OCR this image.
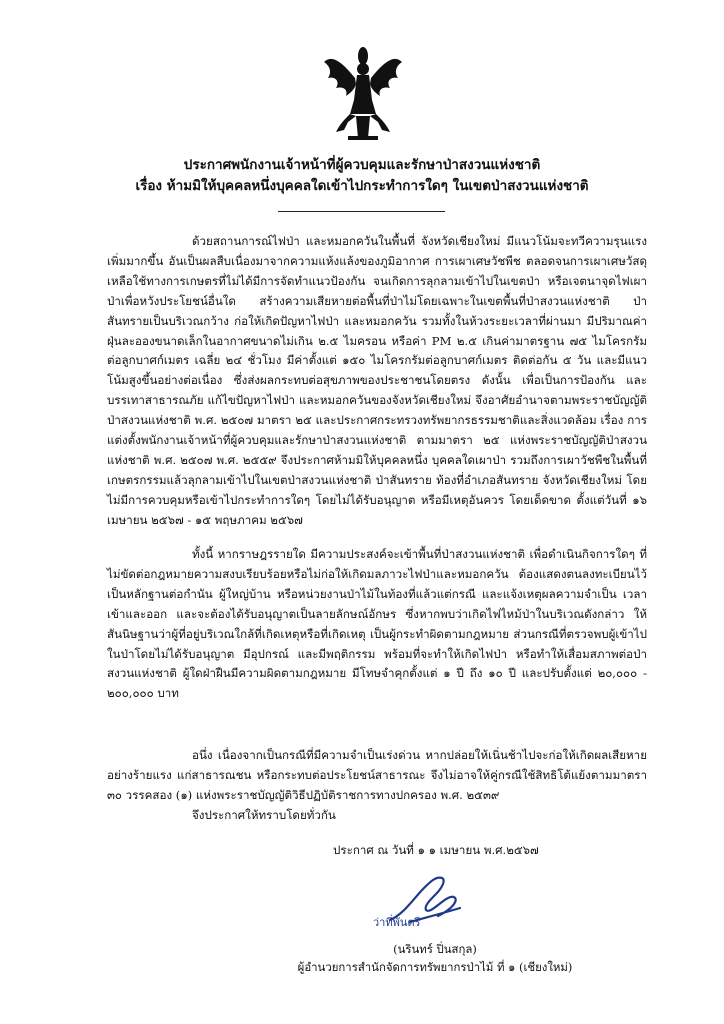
ประกาศพนักงานเจ้าหน้าที่ผู้ควบคุมและรักษาป่าสงวนแห่งชาติ
เรื่อง ห้ามมิให้บุคคลหนึ่งบุคคลใดเข้าไปกระทำการใดๆ ในเขตป่าสงวนแห่งชาติ
ด้วยสถานการณ์ไฟป่า และหมอกควันในพื้นที่ จังหวัดเชียงใหม่ มีแนวโน้มจะทวีความรุนแรงเพิ่มมากขึ้น อันเป็นผลสืบเนื่องมาจากความแห้งแล้งของภูมิอากาศ การเผาเศษวัชพืช ตลอดจนการเผาเศษวัสดุเหลือใช้ทางการเกษตรที่ไม่ได้มีการจัดทำแนวป้องกัน จนเกิดการลุกลามเข้าไปในเขตป่า หรือเจตนาจุดไฟเผาป่าเพื่อหวังประโยชน์อื่นใด สร้างความเสียหายต่อพื้นที่ป่าไม่โดยเฉพาะในเขตพื้นที่ป่าสงวนแห่งชาติ ป่าสันทรายเป็นบริเวณกว้าง ก่อให้เกิดปัญหาไฟป่า และหมอกควัน รวมทั้งในห้วงระยะเวลาที่ผ่านมา มีปริมาณค่าฝุ่นละอองขนาดเล็กในอากาศขนาดไม่เกิน ๒.๕ ไมครอน หรือค่า PM ๒.๕ เกินค่ามาตรฐาน ๗๕ ไมโครกรัมต่อลูกบาศก์เมตร เฉลี่ย ๒๔ ชั่วโมง มีค่าตั้งแต่ ๑๕๐ ไมโครกรัมต่อลูกบาศก์เมตร ติดต่อกัน ๕ วัน และมีแนวโน้มสูงขึ้นอย่างต่อเนื่อง ซึ่งส่งผลกระทบต่อสุขภาพของประชาชนโดยตรง ดังนั้น เพื่อเป็นการป้องกัน และบรรเทาสาธารณภัย แก้ไขปัญหาไฟป่า และหมอกควันของจังหวัดเชียงใหม่ จึงอาศัยอำนาจตามพระราชบัญญัติป่าสงวนแห่งชาติ พ.ศ. ๒๕๐๗ มาตรา ๒๕ และประกาศกระทรวงทรัพยากรธรรมชาติและสิ่งแวดล้อม เรื่อง การแต่งตั้งพนักงานเจ้าหน้าที่ผู้ควบคุมและรักษาป่าสงวนแห่งชาติ ตามมาตรา ๒๕ แห่งพระราชบัญญัติป่าสงวนแห่งชาติ พ.ศ. ๒๕๐๗ พ.ศ. ๒๕๕๙ จึงประกาศห้ามมิให้บุคคลหนึ่ง บุคคลใดเผาป่า รวมถึงการเผาวัชพืชในพื้นที่เกษตรกรรมแล้วลุกลามเข้าไปในเขตป่าสงวนแห่งชาติ ป่าสันทราย ท้องที่อำเภอสันทราย จังหวัดเชียงใหม่ โดยไม่มีการควบคุมหรือเข้าไปกระทำการใดๆ โดยไม่ได้รับอนุญาต หรือมีเหตุอันควร โดยเด็ดขาด ตั้งแต่วันที่ ๑๖ เมษายน ๒๕๖๗ - ๑๕ พฤษภาคม ๒๕๖๗
ทั้งนี้ หากราษฎรรายใด มีความประสงค์จะเข้าพื้นที่ป่าสงวนแห่งชาติ เพื่อดำเนินกิจการใดๆ ที่ไม่ขัดต่อกฎหมายความสงบเรียบร้อยหรือไม่ก่อให้เกิดมลภาวะไฟป่าและหมอกควัน ต้องแสดงตนลงทะเบียนไว้เป็นหลักฐานต่อกำนัน ผู้ใหญ่บ้าน หรือหน่วยงานป่าไม้ในท้องที่แล้วแต่กรณี และแจ้งเหตุผลความจำเป็น เวลาเข้าและออก และจะต้องได้รับอนุญาตเป็นลายลักษณ์อักษร ซึ่งหากพบว่าเกิดไฟไหม้ป่าในบริเวณดังกล่าว ให้สันนิษฐานว่าผู้ที่อยู่บริเวณใกล้ที่เกิดเหตุหรือที่เกิดเหตุ เป็นผู้กระทำผิดตามกฎหมาย ส่วนกรณีที่ตรวจพบผู้เข้าไปในป่าโดยไม่ได้รับอนุญาต มีอุปกรณ์ และมีพฤติกรรม พร้อมที่จะทำให้เกิดไฟป่า หรือทำให้เสื่อมสภาพต่อป่าสงวนแห่งชาติ ผู้ใดฝ่าฝืนมีความผิดตามกฎหมาย มีโทษจำคุกตั้งแต่ ๑ ปี ถึง ๑๐ ปี และปรับตั้งแต่ ๒๐,๐๐๐ - ๒๐๐,๐๐๐ บาท
อนึ่ง เนื่องจากเป็นกรณีที่มีความจำเป็นเร่งด่วน หากปล่อยให้เนิ่นช้าไปจะก่อให้เกิดผลเสียหายอย่างร้ายแรง แก่สาธารณชน หรือกระทบต่อประโยชน์สาธารณะ จึงไม่อาจให้คู่กรณีใช้สิทธิโต้แย้งตามมาตรา ๓๐ วรรคสอง (๑) แห่งพระราชบัญญัติวิธีปฏิบัติราชการทางปกครอง พ.ศ. ๒๕๓๙
จึงประกาศให้ทราบโดยทั่วกัน
ประกาศ ณ วันที่ ๑ ๑ เมษายน พ.ศ.๒๕๖๗
ว่าที่พันตรี
(นรินทร์ ปิ่นสกุล)
ผู้อำนวยการสำนักจัดการทรัพยากรป่าไม้ ที่ ๑ (เชียงใหม่)
